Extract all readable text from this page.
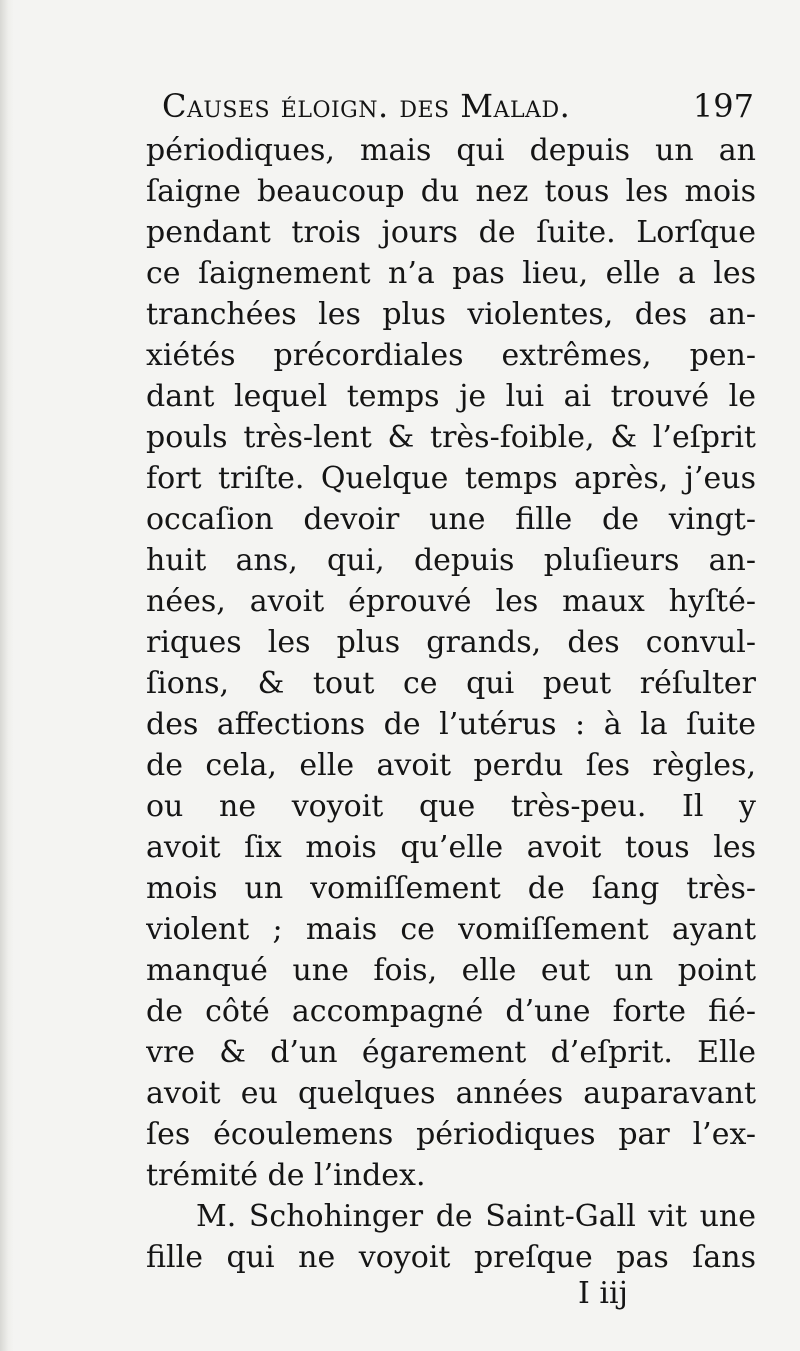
Causes éloign. des Malad.	197
périodiques, mais qui depuis un an
ſaigne beaucoup du nez tous les mois
pendant trois jours de ſuite. Lorſque
ce ſaignement n’a pas lieu, elle a les
tranchées les plus violentes, des an-
xiétés précordiales extrêmes, pen-
dant lequel temps je lui ai trouvé le
pouls très-lent & très-foible, & l’eſprit
fort triſte. Quelque temps après, j’eus
occaſion devoir une fille de vingt-
huit ans, qui, depuis pluſieurs an-
nées, avoit éprouvé les maux hyſté-
riques les plus grands, des convul-
ſions, & tout ce qui peut réſulter
des affections de l’utérus : à la ſuite
de cela, elle avoit perdu ſes règles,
ou ne voyoit que très-peu. Il y
avoit ſix mois qu’elle avoit tous les
mois un vomiſſement de ſang très-
violent ; mais ce vomiſſement ayant
manqué une fois, elle eut un point
de côté accompagné d’une forte fié-
vre & d’un égarement d’eſprit. Elle
avoit eu quelques années auparavant
ſes écoulemens périodiques par l’ex-
trémité de l’index.
M. Schohinger de Saint-Gall vit une
fille qui ne voyoit preſque pas ſans
I iij
